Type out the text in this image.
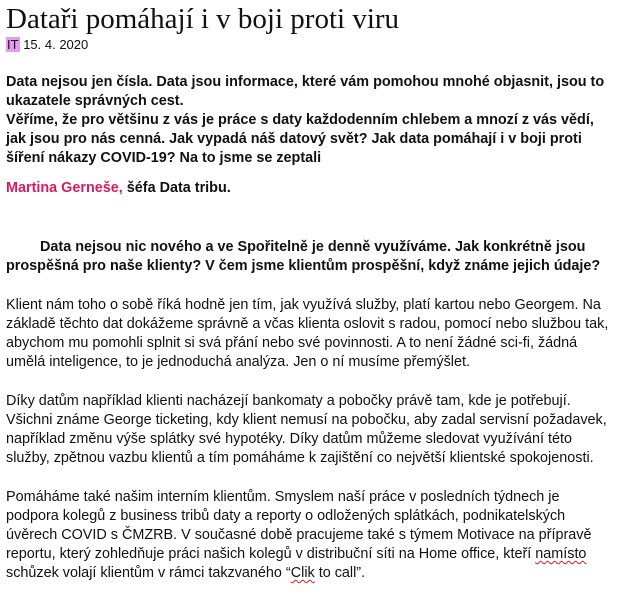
Dataři pomáhají i v boji proti viru
IT 15. 4. 2020

Data nejsou jen čísla. Data jsou informace, které vám pomohou mnohé objasnit, jsou to ukazatele správných cest.

Věříme, že pro většinu z vás je práce s daty každodenním chlebem a mnozí z vás vědí, jak jsou pro nás cenná. Jak vypadá náš datový svět? Jak data pomáhají i v boji proti šíření nákazy COVID-19? Na to jsme se zeptali

Martina Gerneše, šéfa Data tribu.
Data nejsou nic nového a ve Spořitelně je denně využíváme. Jak konkrétně jsou prospěšná pro naše klienty? V čem jsme klientům prospěšní, když známe jejich údaje?
Klient nám toho o sobě říká hodně jen tím, jak využívá služby, platí kartou nebo Georgem. Na základě těchto dat dokážeme správně a včas klienta oslovit s radou, pomocí nebo službou tak, abychom mu pomohli splnit si svá přání nebo své povinnosti. A to není žádné sci-fi, žádná umělá inteligence, to je jednoduchá analýza. Jen o ní musíme přemýšlet.
Díky datům například klienti nacházejí bankomaty a pobočky právě tam, kde je potřebují. Všichni známe George ticketing, kdy klient nemusí na pobočku, aby zadal servisní požadavek, například změnu výše splátky své hypotéky. Díky datům můžeme sledovat využívání této služby, zpětnou vazbu klientů a tím pomáháme k zajištění co největší klientské spokojenosti.
Pomáháme také našim interním klientům. Smyslem naší práce v posledních týdnech je podpora kolegů z business tribů daty a reporty o odložených splátkách, podnikatelských úvěrech COVID s ČMZRB. V současné době pracujeme také s týmem Motivace na přípravě reportu, který zohledňuje práci našich kolegů v distribuční síti na Home office, kteří namísto schůzek volají klientům v rámci takzvaného “Clik to call”.
